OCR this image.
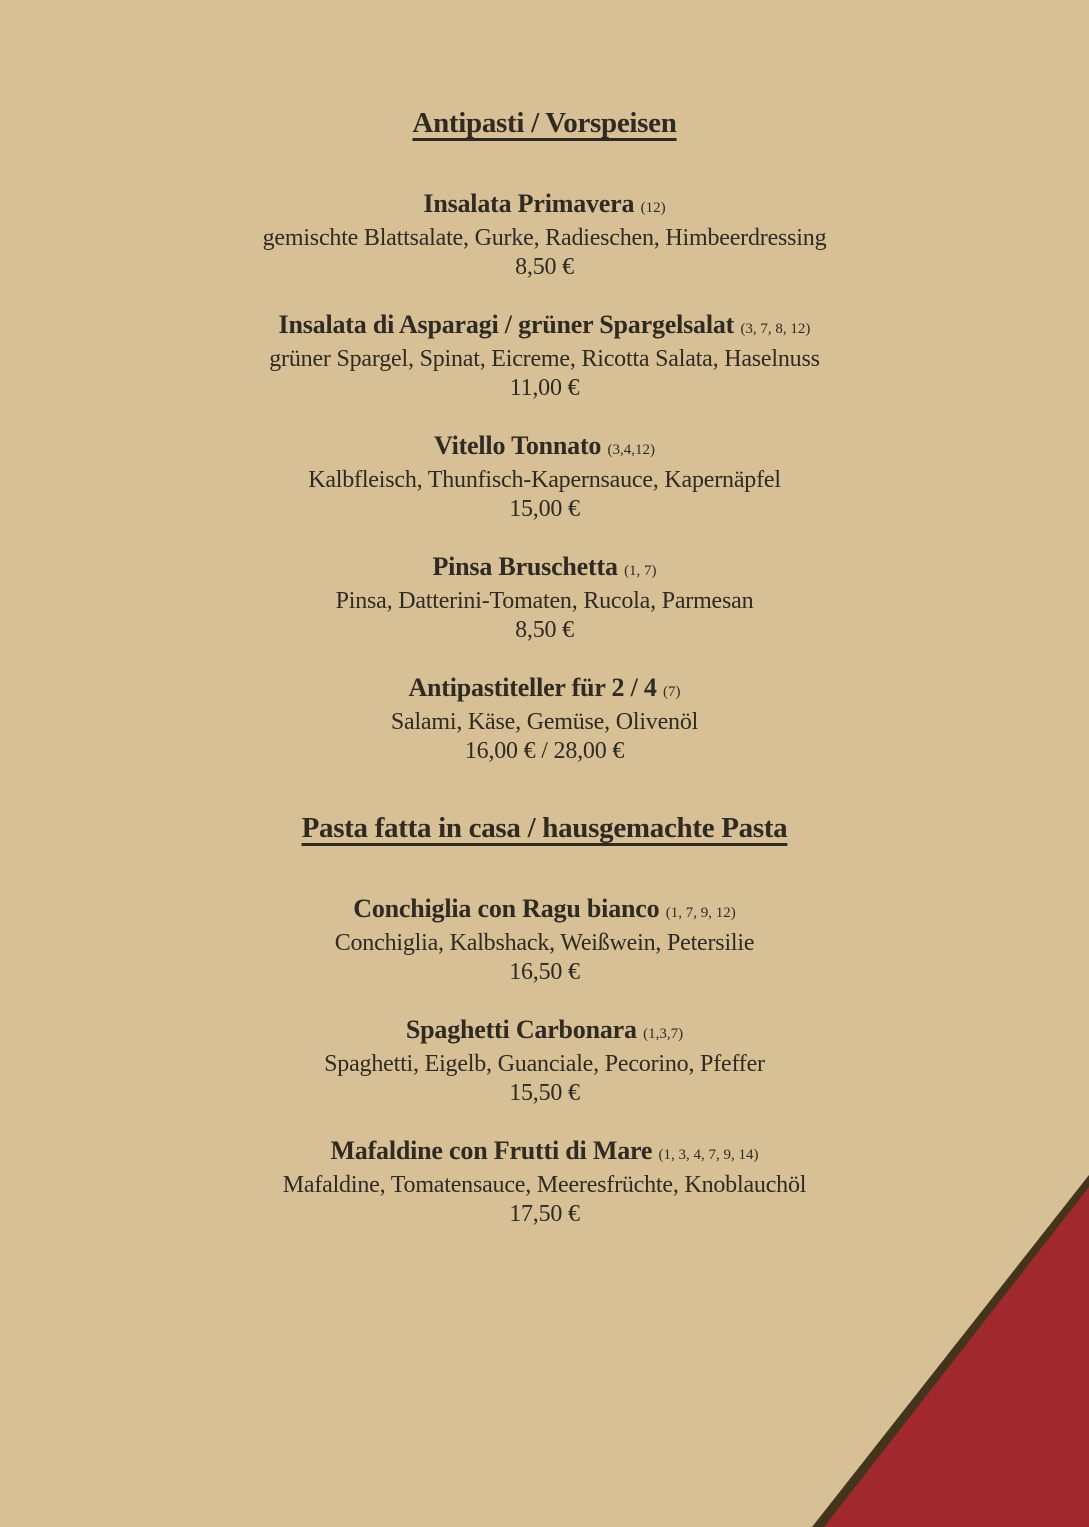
Antipasti / Vorspeisen
Insalata Primavera (12)
gemischte Blattsalate, Gurke, Radieschen, Himbeerdressing
8,50 €
Insalata di Asparagi / grüner Spargelsalat (3, 7, 8, 12)
grüner Spargel, Spinat, Eicreme, Ricotta Salata, Haselnuss
11,00 €
Vitello Tonnato (3,4,12)
Kalbfleisch, Thunfisch-Kapernsauce, Kapernäpfel
15,00 €
Pinsa Bruschetta (1, 7)
Pinsa, Datterini-Tomaten, Rucola, Parmesan
8,50 €
Antipastiteller für 2 / 4 (7)
Salami, Käse, Gemüse, Olivenöl
16,00 € / 28,00 €
Pasta fatta in casa / hausgemachte Pasta
Conchiglia con Ragu bianco (1, 7, 9, 12)
Conchiglia, Kalbshack, Weißwein, Petersilie
16,50 €
Spaghetti Carbonara (1,3,7)
Spaghetti, Eigelb, Guanciale, Pecorino, Pfeffer
15,50 €
Mafaldine con Frutti di Mare (1, 3, 4, 7, 9, 14)
Mafaldine, Tomatensauce, Meeresfrüchte, Knoblauchöl
17,50 €
